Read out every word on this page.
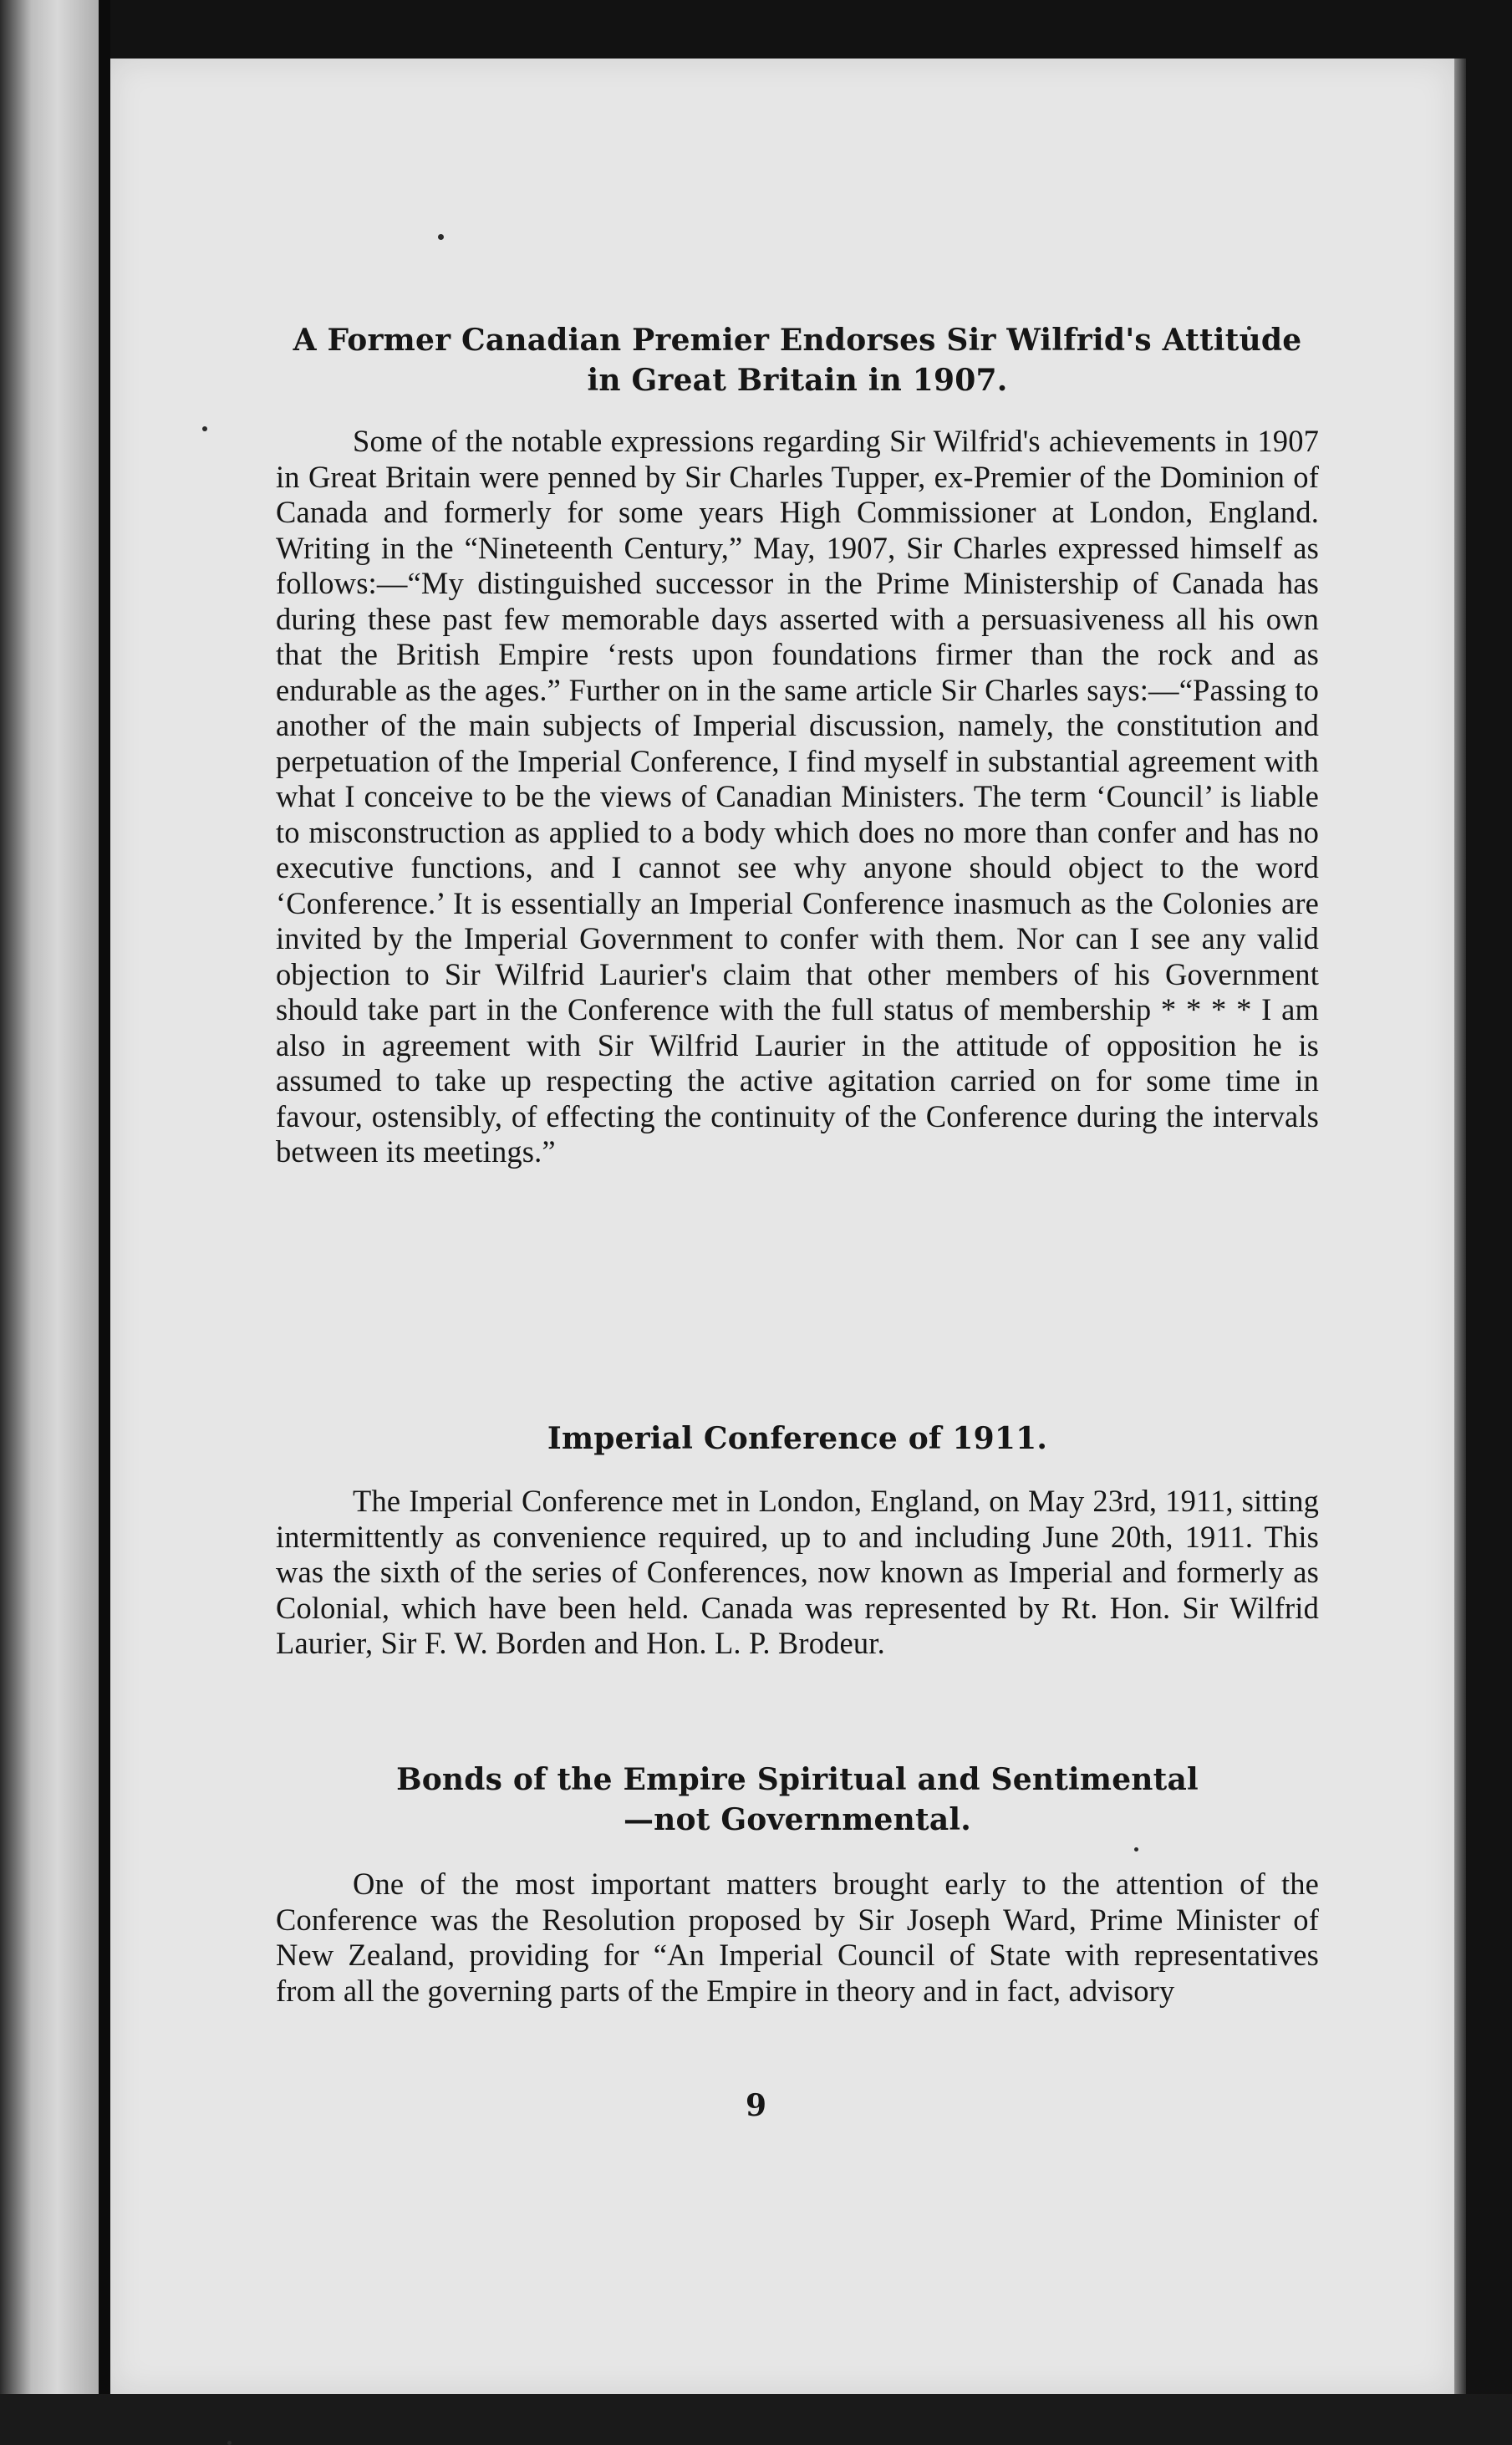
A Former Canadian Premier Endorses Sir Wilfrid's Attitude in Great Britain in 1907.

Some of the notable expressions regarding Sir Wilfrid's achievements in 1907 in Great Britain were penned by Sir Charles Tupper, ex-Premier of the Dominion of Canada and formerly for some years High Commissioner at London, England. Writing in the “Nineteenth Century,” May, 1907, Sir Charles expressed himself as follows:—“My distinguished successor in the Prime Ministership of Canada has during these past few memorable days asserted with a persuasiveness all his own that the British Empire ‘rests upon foundations firmer than the rock and as endurable as the ages.” Further on in the same article Sir Charles says:—“Passing to another of the main subjects of Imperial discussion, namely, the constitution and perpetuation of the Imperial Conference, I find myself in substantial agreement with what I conceive to be the views of Canadian Ministers. The term ‘Council’ is liable to misconstruction as applied to a body which does no more than confer and has no executive functions, and I cannot see why anyone should object to the word ‘Conference.’ It is essentially an Imperial Conference inasmuch as the Colonies are invited by the Imperial Government to confer with them. Nor can I see any valid objection to Sir Wilfrid Laurier's claim that other members of his Government should take part in the Conference with the full status of membership * * * * I am also in agreement with Sir Wilfrid Laurier in the attitude of opposition he is assumed to take up respecting the active agitation carried on for some time in favour, ostensibly, of effecting the continuity of the Conference during the intervals between its meetings.”

Imperial Conference of 1911.

The Imperial Conference met in London, England, on May 23rd, 1911, sitting intermittently as convenience required, up to and including June 20th, 1911. This was the sixth of the series of Conferences, now known as Imperial and formerly as Colonial, which have been held. Canada was represented by Rt. Hon. Sir Wilfrid Laurier, Sir F. W. Borden and Hon. L. P. Brodeur.

Bonds of the Empire Spiritual and Sentimental—not Governmental.

One of the most important matters brought early to the attention of the Conference was the Resolution proposed by Sir Joseph Ward, Prime Minister of New Zealand, providing for “An Imperial Council of State with representatives from all the governing parts of the Empire in theory and in fact, advisory

9
